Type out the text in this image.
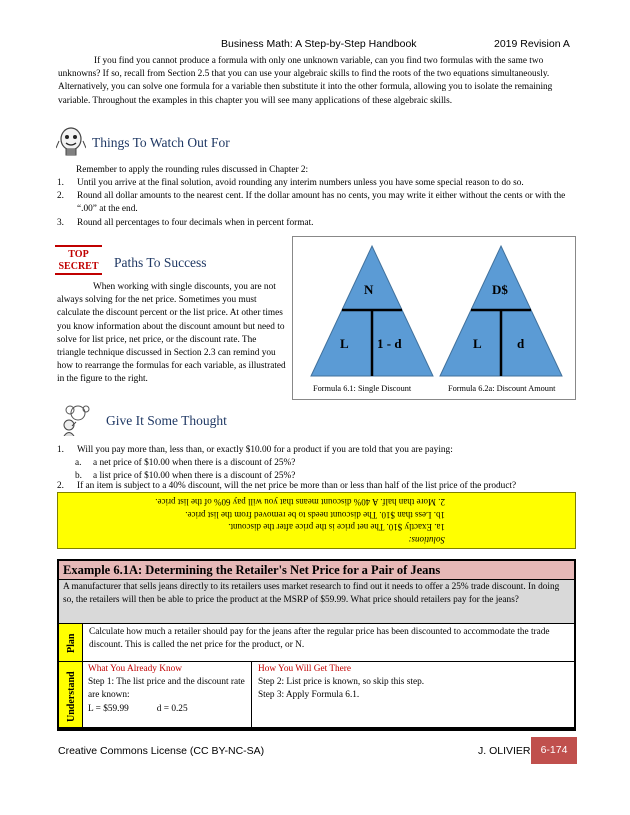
Business Math: A Step-by-Step Handbook	2019 Revision A

If you find you cannot produce a formula with only one unknown variable, can you find two formulas with the same two unknowns? If so, recall from Section 2.5 that you can use your algebraic skills to find the roots of the two equations simultaneously. Alternatively, you can solve one formula for a variable then substitute it into the other formula, allowing you to isolate the remaining variable. Throughout the examples in this chapter you will see many applications of these algebraic skills.

Things To Watch Out For
Remember to apply the rounding rules discussed in Chapter 2:
1. Until you arrive at the final solution, avoid rounding any interim numbers unless you have some special reason to do so.
2. Round all dollar amounts to the nearest cent. If the dollar amount has no cents, you may write it either without the cents or with the “.00” at the end.
3. Round all percentages to four decimals when in percent format.
TOP
SECRET Paths To Success

When working with single discounts, you are not always solving for the net price. Sometimes you must calculate the discount percent or the list price. At other times you know information about the discount amount but need to solve for list price, net price, or the discount rate. The triangle technique discussed in Section 2.3 can remind you how to rearrange the formulas for each variable, as illustrated in the figure to the right.

N
L 1 - d
Formula 6.1: Single Discount
D$
L	d
Formula 6.2a: Discount Amount
Give It Some Thought
1. Will you pay more than, less than, or exactly $10.00 for a product if you are told that you are paying:
a. a net price of $10.00 when there is a discount of 25%?
b. a list price of $10.00 when there is a discount of 25%?
2. If an item is subject to a 40% discount, will the net price be more than or less than half of the list price of the product?
Solutions:
1a. Exactly $10. The net price is the price after the discount.
1b. Less than $10. The discount needs to be removed from the list price.
2. More than half. A 40% discount means that you will pay 60% of the list price.
Example 6.1A: Determining the Retailer's Net Price for a Pair of Jeans
A manufacturer that sells jeans directly to its retailers uses market research to find out it needs to offer a 25% trade discount. In doing so, the retailers will then be able to price the product at the MSRP of $59.99. What price should retailers pay for the jeans?
Plan
Calculate how much a retailer should pay for the jeans after the regular price has been discounted to accommodate the trade discount. This is called the net price for the product, or N.
Understand
What You Already Know
Step 1: The list price and the discount rate are known:
L = $59.99	d = 0.25
How You Will Get There
Step 2: List price is known, so skip this step.
Step 3: Apply Formula 6.1.
Creative Commons License (CC BY-NC-SA)	J. OLIVIER 6-174
